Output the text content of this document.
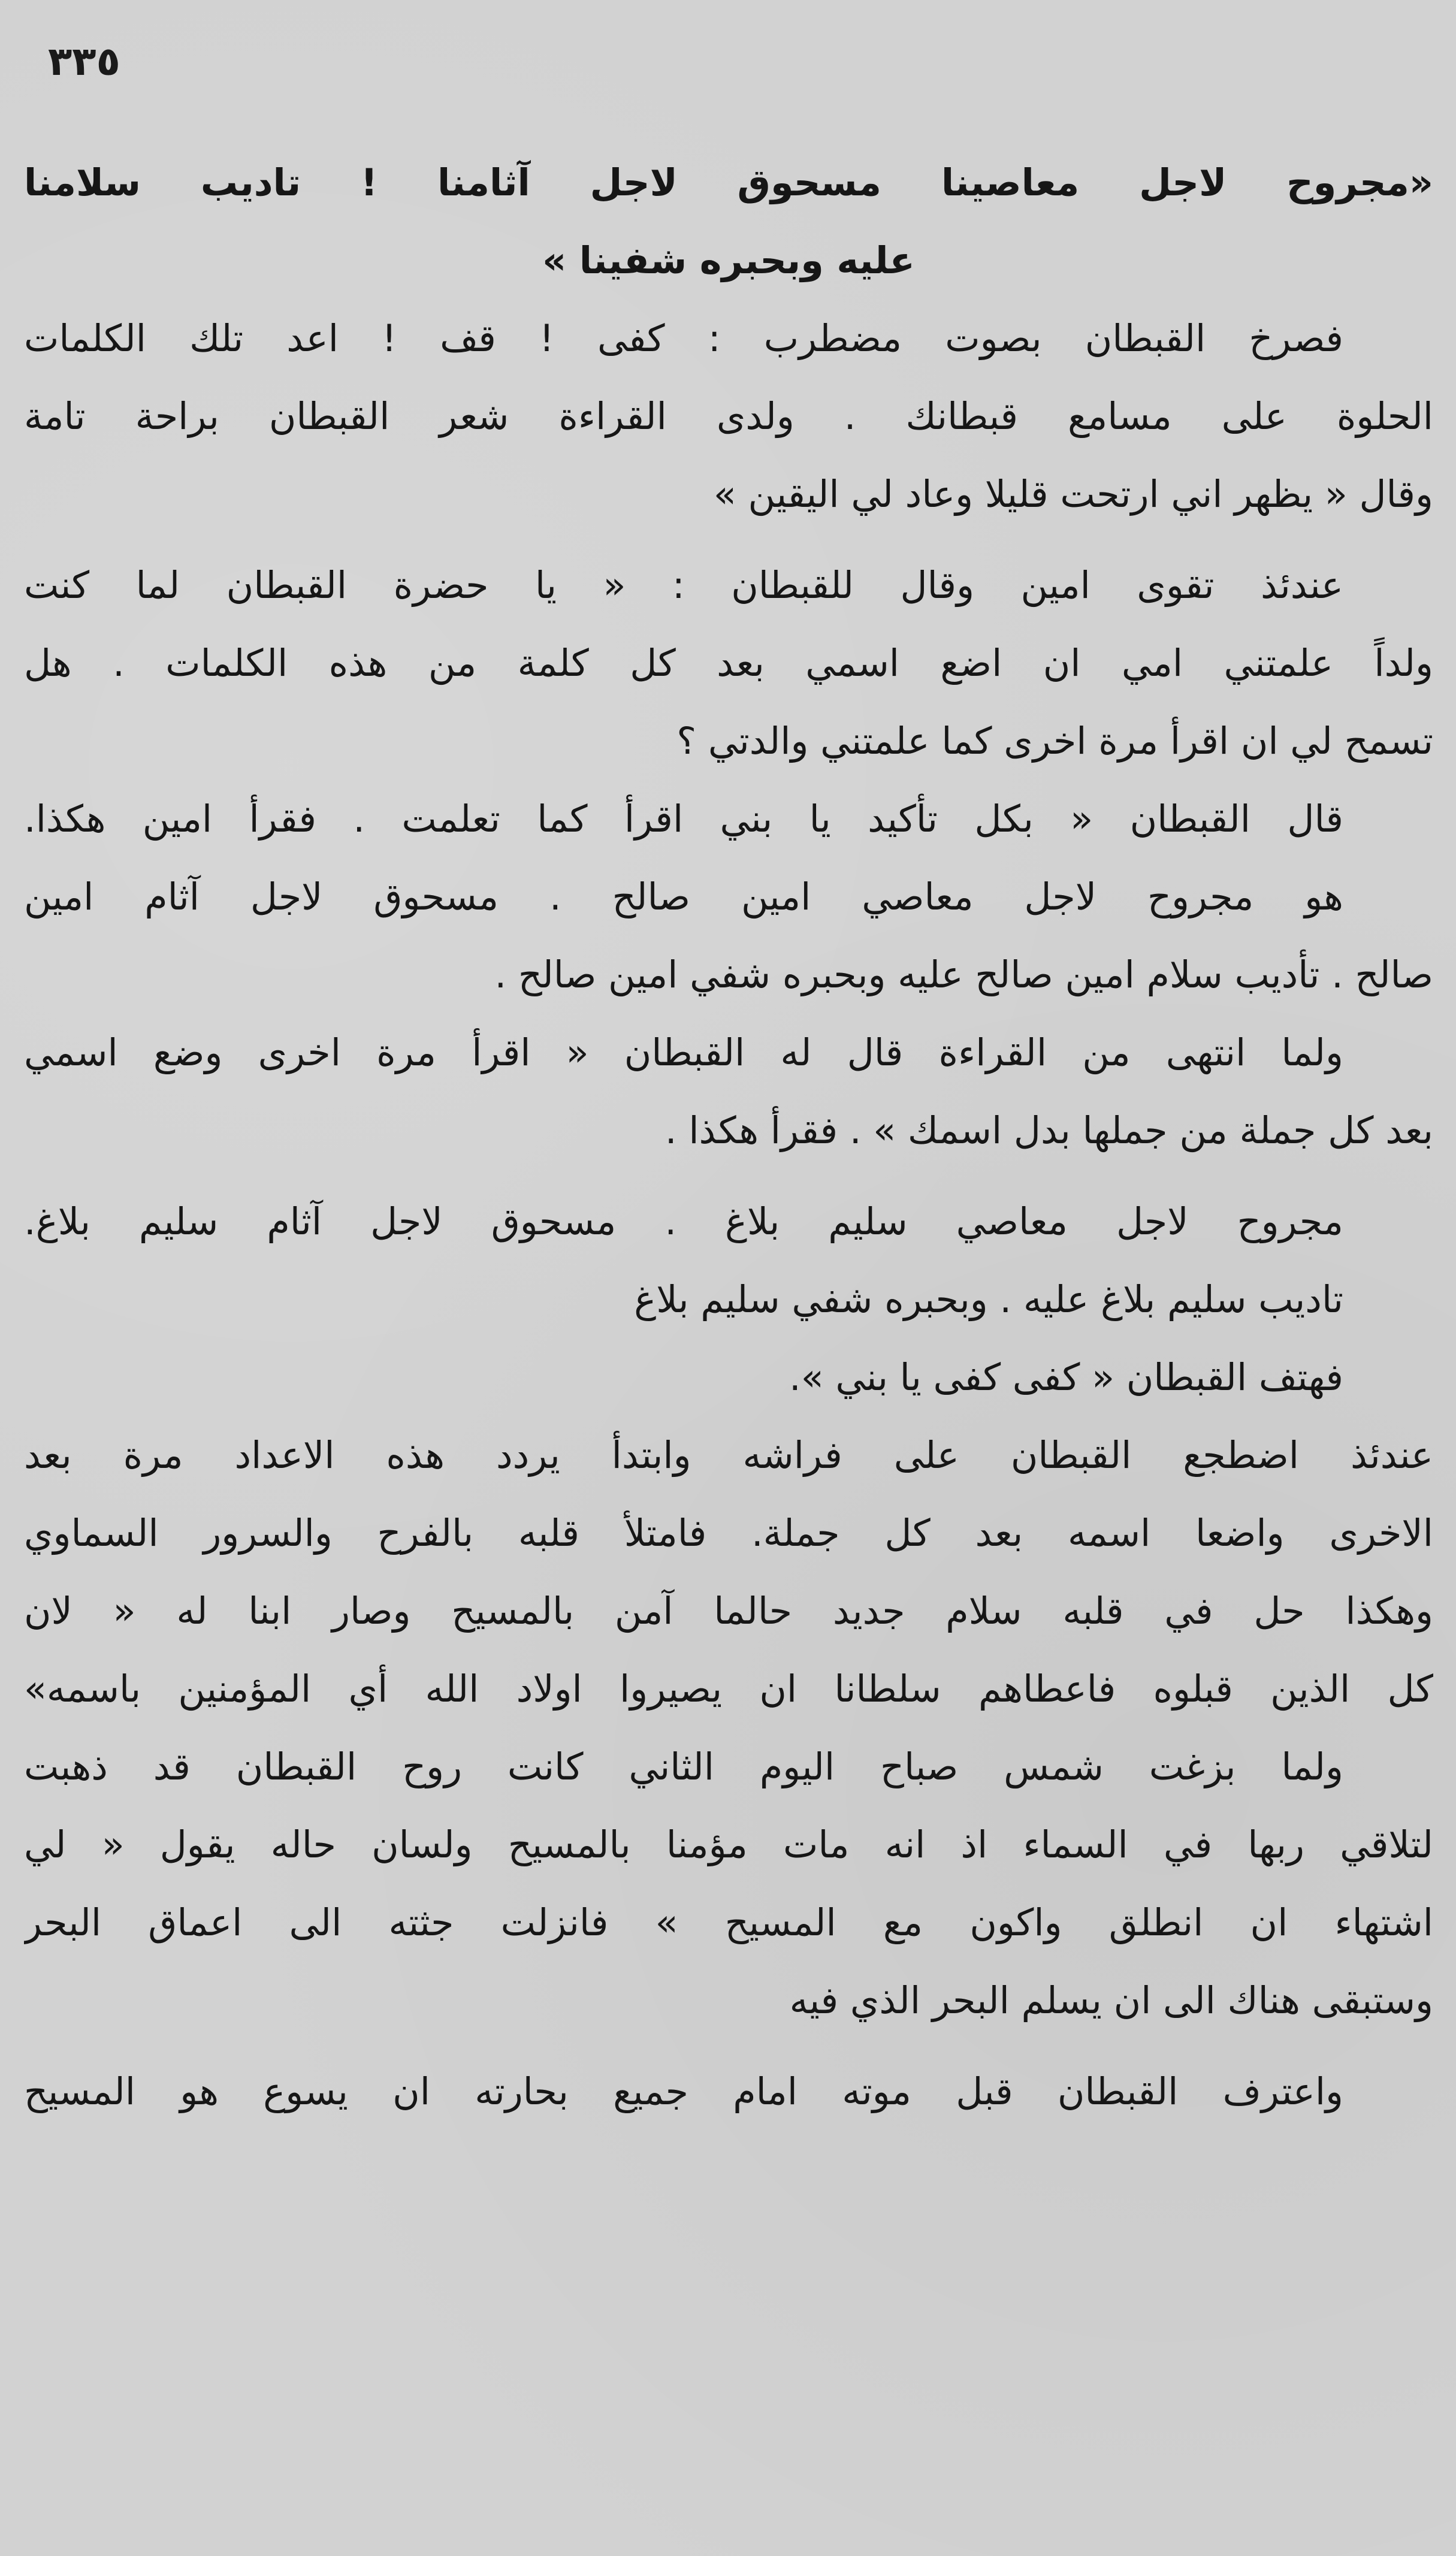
٣٣٥
«مجروح لاجل معاصينا مسحوق لاجل آثامنا ! تاديب سلامنا
عليه وبحبره شفينا »
فصرخ القبطان بصوت مضطرب : كفى ! قف ! اعد تلك الكلمات
الحلوة على مسامع قبطانك . ولدى القراءة شعر القبطان براحة تامة
وقال « يظهر اني ارتحت قليلا وعاد لي اليقين »
عندئذ تقوى امين وقال للقبطان : « يا حضرة القبطان لما كنت
ولداً علمتني امي ان اضع اسمي بعد كل كلمة من هذه الكلمات . هل
تسمح لي ان اقرأ مرة اخرى كما علمتني والدتي ؟
قال القبطان « بكل تأكيد يا بني اقرأ كما تعلمت . فقرأ امين هكذا.
هو مجروح لاجل معاصي امين صالح . مسحوق لاجل آثام امين
صالح . تأديب سلام امين صالح عليه وبحبره شفي امين صالح .
ولما انتهى من القراءة قال له القبطان « اقرأ مرة اخرى وضع اسمي
بعد كل جملة من جملها بدل اسمك » . فقرأ هكذا .
مجروح لاجل معاصي سليم بلاغ . مسحوق لاجل آثام سليم بلاغ.
تاديب سليم بلاغ عليه . وبحبره شفي سليم بلاغ
فهتف القبطان « كفى كفى يا بني ».
عندئذ اضطجع القبطان على فراشه وابتدأ يردد هذه الاعداد مرة بعد
الاخرى واضعا اسمه بعد كل جملة. فامتلأ قلبه بالفرح والسرور السماوي
وهكذا حل في قلبه سلام جديد حالما آمن بالمسيح وصار ابنا له « لان
كل الذين قبلوه فاعطاهم سلطانا ان يصيروا اولاد الله أي المؤمنين باسمه»
ولما بزغت شمس صباح اليوم الثاني كانت روح القبطان قد ذهبت
لتلاقي ربها في السماء اذ انه مات مؤمنا بالمسيح ولسان حاله يقول « لي
اشتهاء ان انطلق واكون مع المسيح » فانزلت جثته الى اعماق البحر
وستبقى هناك الى ان يسلم البحر الذي فيه
واعترف القبطان قبل موته امام جميع بحارته ان يسوع هو المسيح
